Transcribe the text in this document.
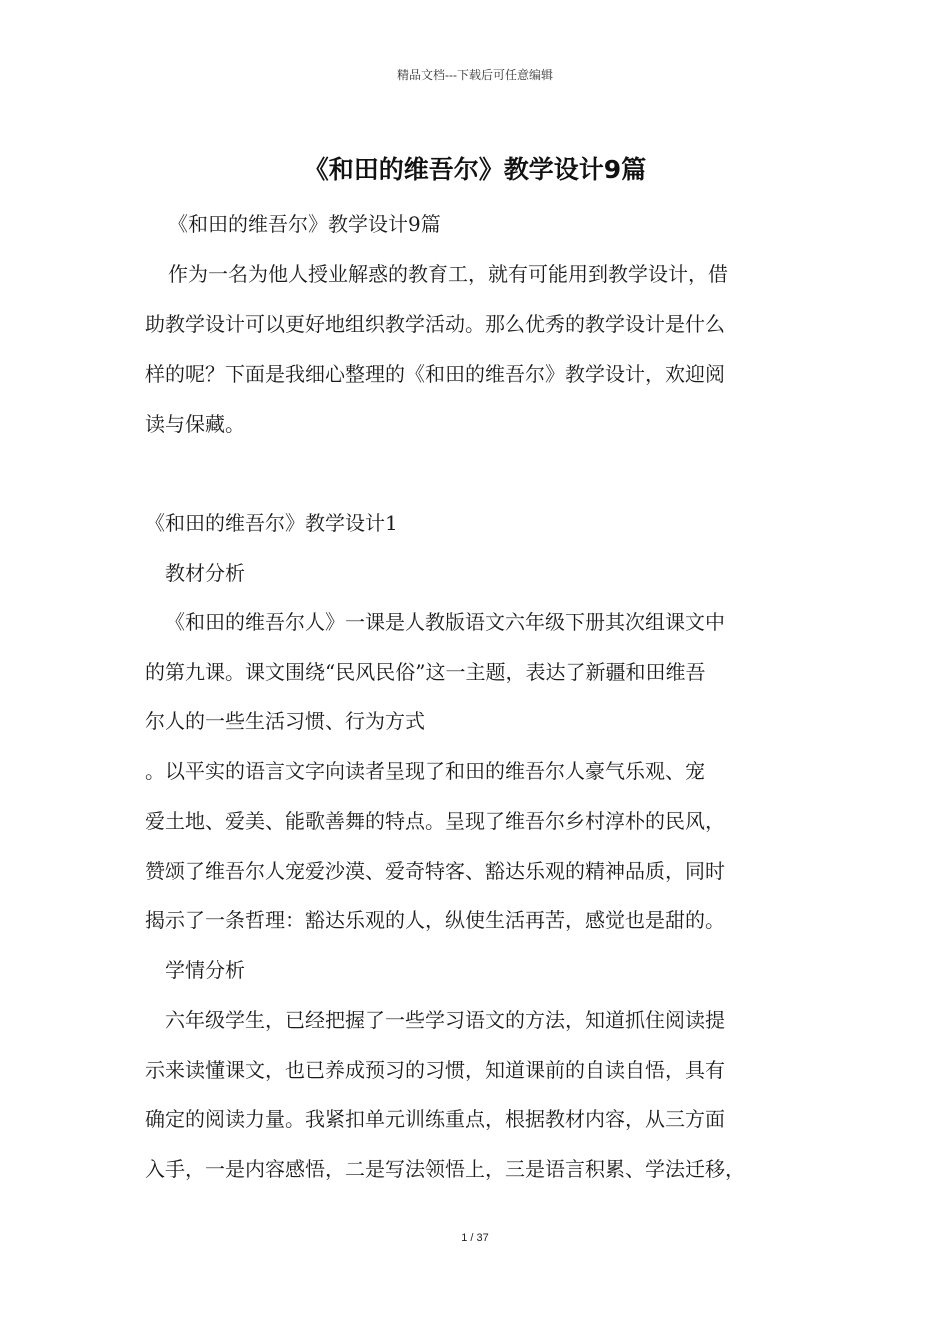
精品文档---下载后可任意编辑
《和田的维吾尔》教学设计9篇
《和田的维吾尔》教学设计9篇
作为一名为他人授业解惑的教育工，就有可能用到教学设计，借
助教学设计可以更好地组织教学活动。那么优秀的教学设计是什么
样的呢？下面是我细心整理的《和田的维吾尔》教学设计，欢迎阅
读与保藏。
《和田的维吾尔》教学设计1
教材分析
《和田的维吾尔人》一课是人教版语文六年级下册其次组课文中
的第九课。课文围绕“民风民俗”这一主题，表达了新疆和田维吾
尔人的一些生活习惯、行为方式
。以平实的语言文字向读者呈现了和田的维吾尔人豪气乐观、宠
爱土地、爱美、能歌善舞的特点。呈现了维吾尔乡村淳朴的民风，
赞颂了维吾尔人宠爱沙漠、爱奇特客、豁达乐观的精神品质，同时
揭示了一条哲理：豁达乐观的人，纵使生活再苦，感觉也是甜的。
学情分析
六年级学生，已经把握了一些学习语文的方法，知道抓住阅读提
示来读懂课文，也已养成预习的习惯，知道课前的自读自悟，具有
确定的阅读力量。我紧扣单元训练重点，根据教材内容，从三方面
入手，一是内容感悟，二是写法领悟上，三是语言积累、学法迁移，
1 / 37
